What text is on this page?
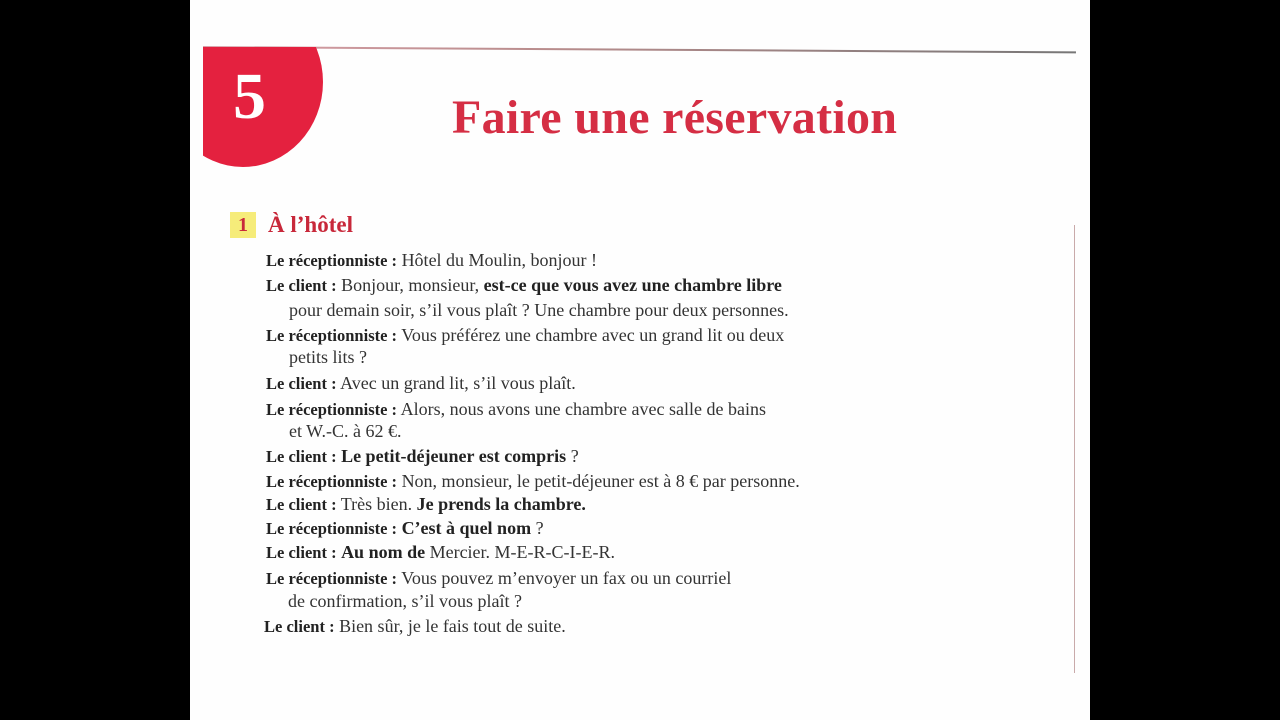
5	Faire une réservation
1 À l’hôtel
Le réceptionniste : Hôtel du Moulin, bonjour !
Le client : Bonjour, monsieur, est-ce que vous avez une chambre libre
pour demain soir, s’il vous plaît ? Une chambre pour deux personnes.
Le réceptionniste : Vous préférez une chambre avec un grand lit ou deux
petits lits ?
Le client : Avec un grand lit, s’il vous plaît.
Le réceptionniste : Alors, nous avons une chambre avec salle de bains
et W.-C. à 62 €.
Le client : Le petit-déjeuner est compris ?
Le réceptionniste : Non, monsieur, le petit-déjeuner est à 8 € par personne.
Le client : Très bien. Je prends la chambre.
Le réceptionniste : C’est à quel nom ?
Le client : Au nom de Mercier. M-E-R-C-I-E-R.
Le réceptionniste : Vous pouvez m’envoyer un fax ou un courriel
de confirmation, s’il vous plaît ?
Le client : Bien sûr, je le fais tout de suite.
